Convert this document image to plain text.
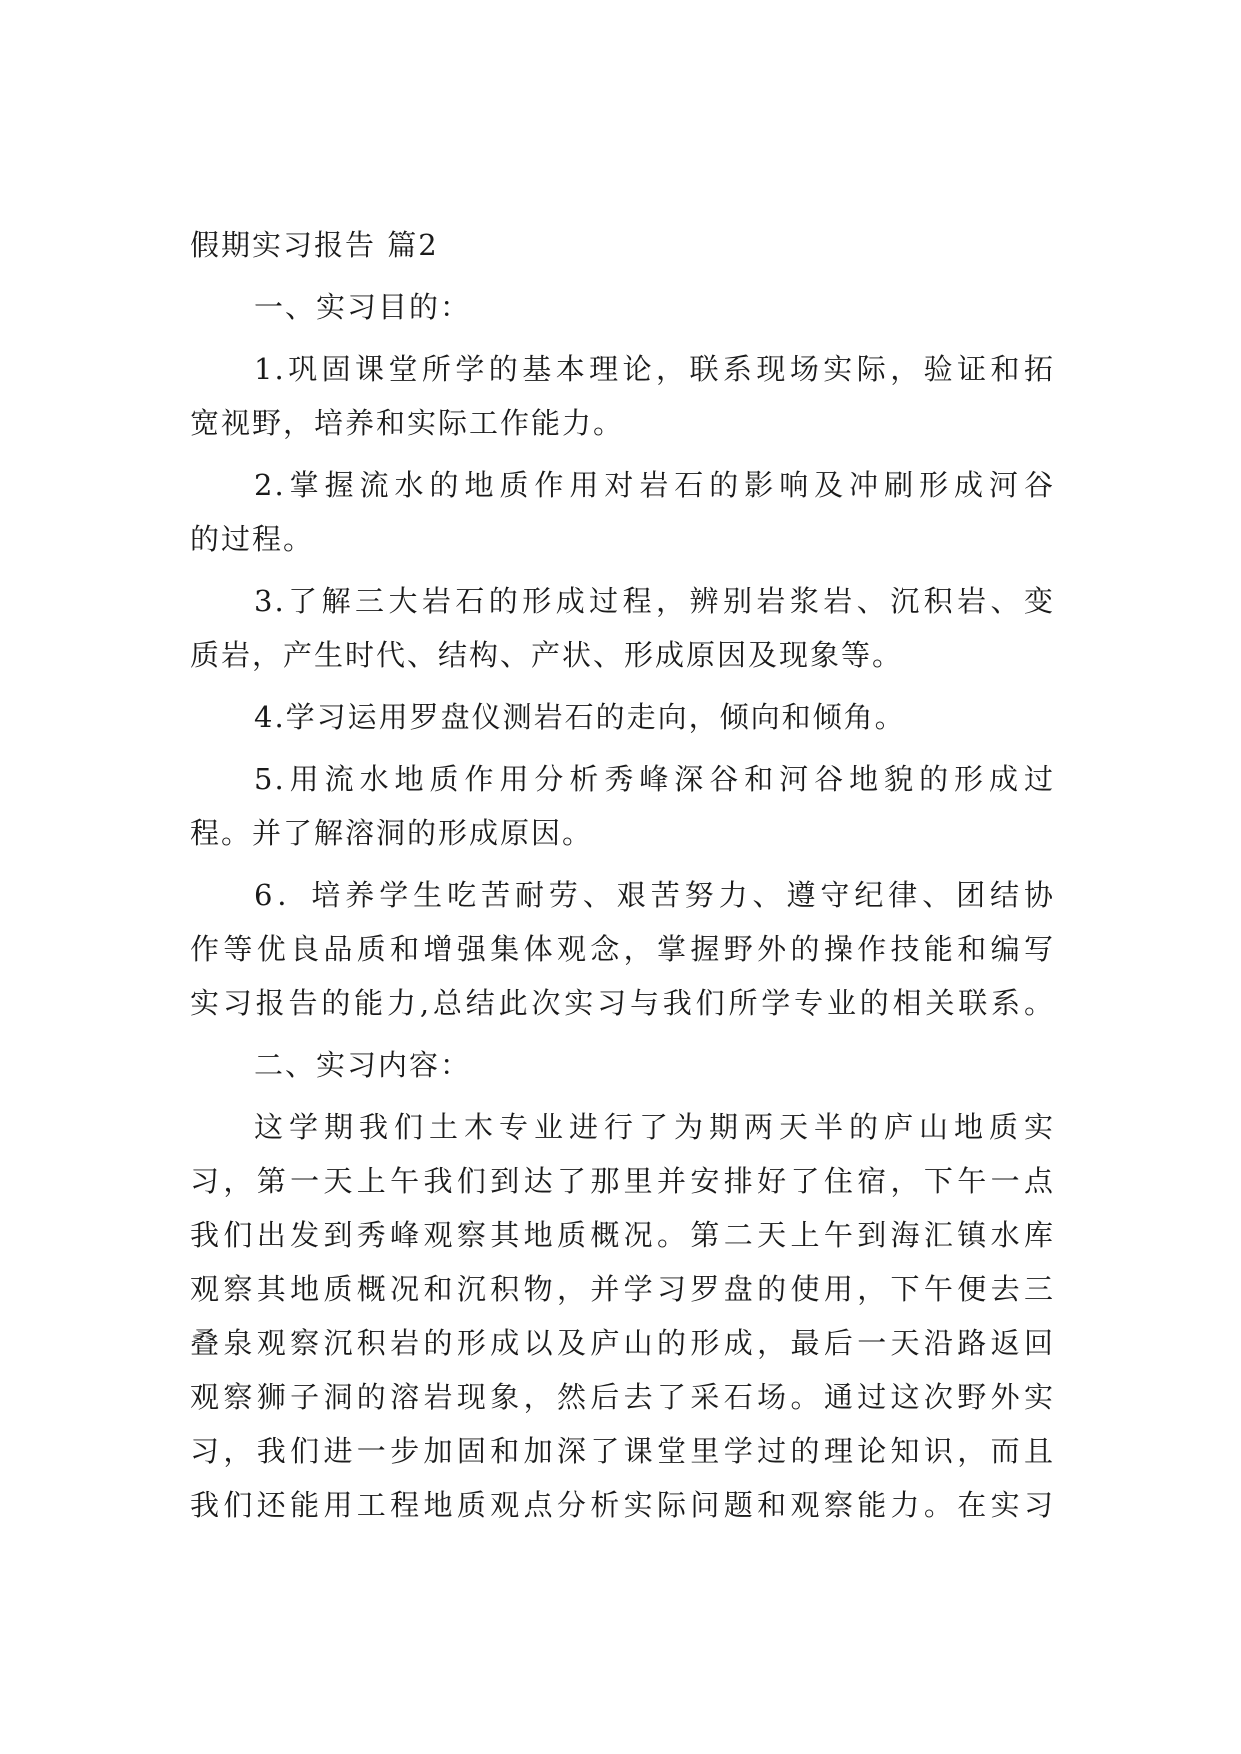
假期实习报告 篇2
一、实习目的：
1.巩固课堂所学的基本理论，联系现场实际，验证和拓
宽视野，培养和实际工作能力。
2.掌握流水的地质作用对岩石的影响及冲刷形成河谷
的过程。
3.了解三大岩石的形成过程，辨别岩浆岩、沉积岩、变
质岩，产生时代、结构、产状、形成原因及现象等。
4.学习运用罗盘仪测岩石的走向，倾向和倾角。
5.用流水地质作用分析秀峰深谷和河谷地貌的形成过
程。并了解溶洞的形成原因。
6．培养学生吃苦耐劳、艰苦努力、遵守纪律、团结协
作等优良品质和增强集体观念，掌握野外的操作技能和编写
实习报告的能力,总结此次实习与我们所学专业的相关联系。
二、实习内容：
这学期我们土木专业进行了为期两天半的庐山地质实
习，第一天上午我们到达了那里并安排好了住宿，下午一点
我们出发到秀峰观察其地质概况。第二天上午到海汇镇水库
观察其地质概况和沉积物，并学习罗盘的使用，下午便去三
叠泉观察沉积岩的形成以及庐山的形成，最后一天沿路返回
观察狮子洞的溶岩现象，然后去了采石场。通过这次野外实
习，我们进一步加固和加深了课堂里学过的理论知识，而且
我们还能用工程地质观点分析实际问题和观察能力。在实习
